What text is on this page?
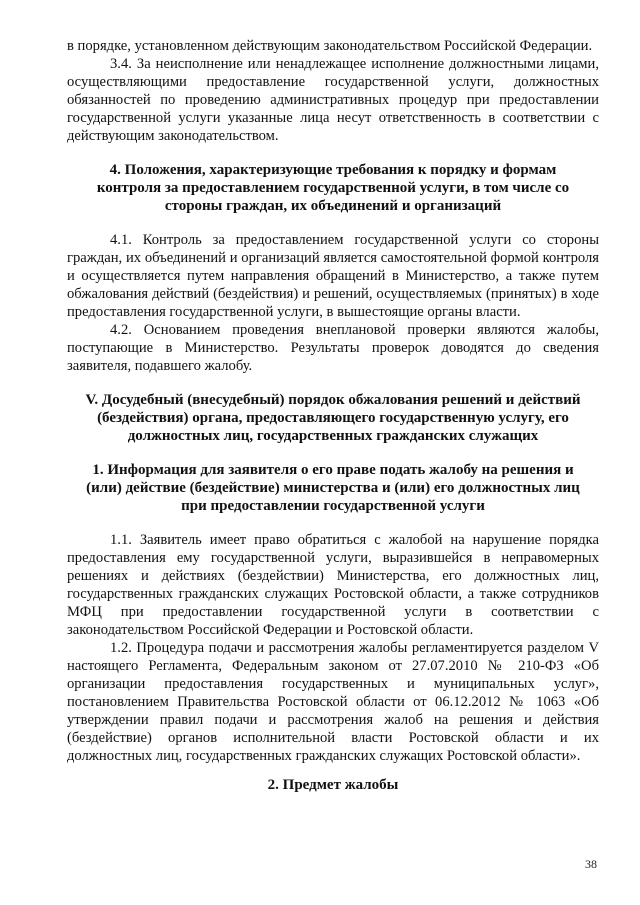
в порядке, установленном действующим законодательством Российской Федерации.

3.4. За неисполнение или ненадлежащее исполнение должностными лицами, осуществляющими предоставление государственной услуги, должностных обязанностей по проведению административных процедур при предоставлении государственной услуги указанные лица несут ответственность в соответствии с действующим законодательством.

4. Положения, характеризующие требования к порядку и формам контроля за предоставлением государственной услуги, в том числе со стороны граждан, их объединений и организаций

4.1. Контроль за предоставлением государственной услуги со стороны граждан, их объединений и организаций является самостоятельной формой контроля и осуществляется путем направления обращений в Министерство, а также путем обжалования действий (бездействия) и решений, осуществляемых (принятых) в ходе предоставления государственной услуги, в вышестоящие органы власти.

4.2. Основанием проведения внеплановой проверки являются жалобы, поступающие в Министерство. Результаты проверок доводятся до сведения заявителя, подавшего жалобу.

V. Досудебный (внесудебный) порядок обжалования решений и действий (бездействия) органа, предоставляющего государственную услугу, его должностных лиц, государственных гражданских служащих

1. Информация для заявителя о его праве подать жалобу на решения и (или) действие (бездействие) министерства и (или) его должностных лиц при предоставлении государственной услуги

1.1. Заявитель имеет право обратиться с жалобой на нарушение порядка предоставления ему государственной услуги, выразившейся в неправомерных решениях и действиях (бездействии) Министерства, его должностных лиц, государственных гражданских служащих Ростовской области, а также сотрудников МФЦ при предоставлении государственной услуги в соответствии с законодательством Российской Федерации и Ростовской области.

1.2. Процедура подачи и рассмотрения жалобы регламентируется разделом V настоящего Регламента, Федеральным законом от 27.07.2010 № 210-ФЗ «Об организации предоставления государственных и муниципальных услуг», постановлением Правительства Ростовской области от 06.12.2012 № 1063 «Об утверждении правил подачи и рассмотрения жалоб на решения и действия (бездействие) органов исполнительной власти Ростовской области и их должностных лиц, государственных гражданских служащих Ростовской области».

2. Предмет жалобы

38
